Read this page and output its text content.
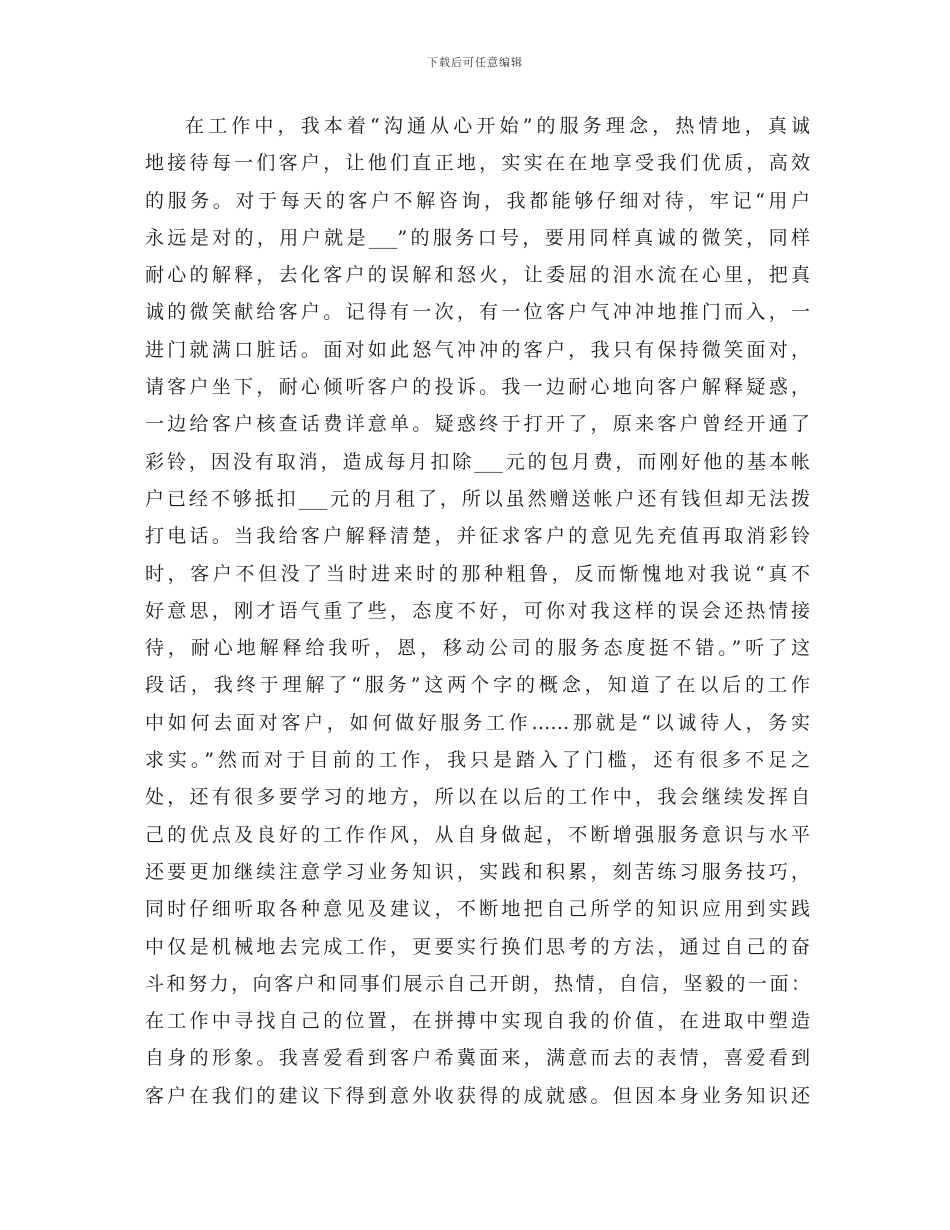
下载后可任意编辑
在工作中，我本着“沟通从心开始”的服务理念，热情地，真诚
地接待每一们客户，让他们直正地，实实在在地享受我们优质，高效
的服务。对于每天的客户不解咨询，我都能够仔细对待，牢记“用户
永远是对的，用户就是___”的服务口号，要用同样真诚的微笑，同样
耐心的解释，去化客户的误解和怒火，让委屈的泪水流在心里，把真
诚的微笑献给客户。记得有一次，有一位客户气冲冲地推门而入，一
进门就满口脏话。面对如此怒气冲冲的客户，我只有保持微笑面对，
请客户坐下，耐心倾听客户的投诉。我一边耐心地向客户解释疑惑，
一边给客户核查话费详意单。疑惑终于打开了，原来客户曾经开通了
彩铃，因没有取消，造成每月扣除___元的包月费，而刚好他的基本帐
户已经不够抵扣___元的月租了，所以虽然赠送帐户还有钱但却无法拨
打电话。当我给客户解释清楚，并征求客户的意见先充值再取消彩铃
时，客户不但没了当时进来时的那种粗鲁，反而惭愧地对我说“真不
好意思，刚才语气重了些，态度不好，可你对我这样的误会还热情接
待，耐心地解释给我听，恩，移动公司的服务态度挺不错。”听了这
段话，我终于理解了“服务”这两个字的概念，知道了在以后的工作
中如何去面对客户，如何做好服务工作……那就是“以诚待人，务实
求实。”然而对于目前的工作，我只是踏入了门槛，还有很多不足之
处，还有很多要学习的地方，所以在以后的工作中，我会继续发挥自
己的优点及良好的工作作风，从自身做起，不断增强服务意识与水平
还要更加继续注意学习业务知识，实践和积累，刻苦练习服务技巧，
同时仔细听取各种意见及建议，不断地把自己所学的知识应用到实践
中仅是机械地去完成工作，更要实行换们思考的方法，通过自己的奋
斗和努力，向客户和同事们展示自己开朗，热情，自信，坚毅的一面：
在工作中寻找自己的位置，在拼搏中实现自我的价值，在进取中塑造
自身的形象。我喜爱看到客户希冀面来，满意而去的表情，喜爱看到
客户在我们的建议下得到意外收获得的成就感。但因本身业务知识还
